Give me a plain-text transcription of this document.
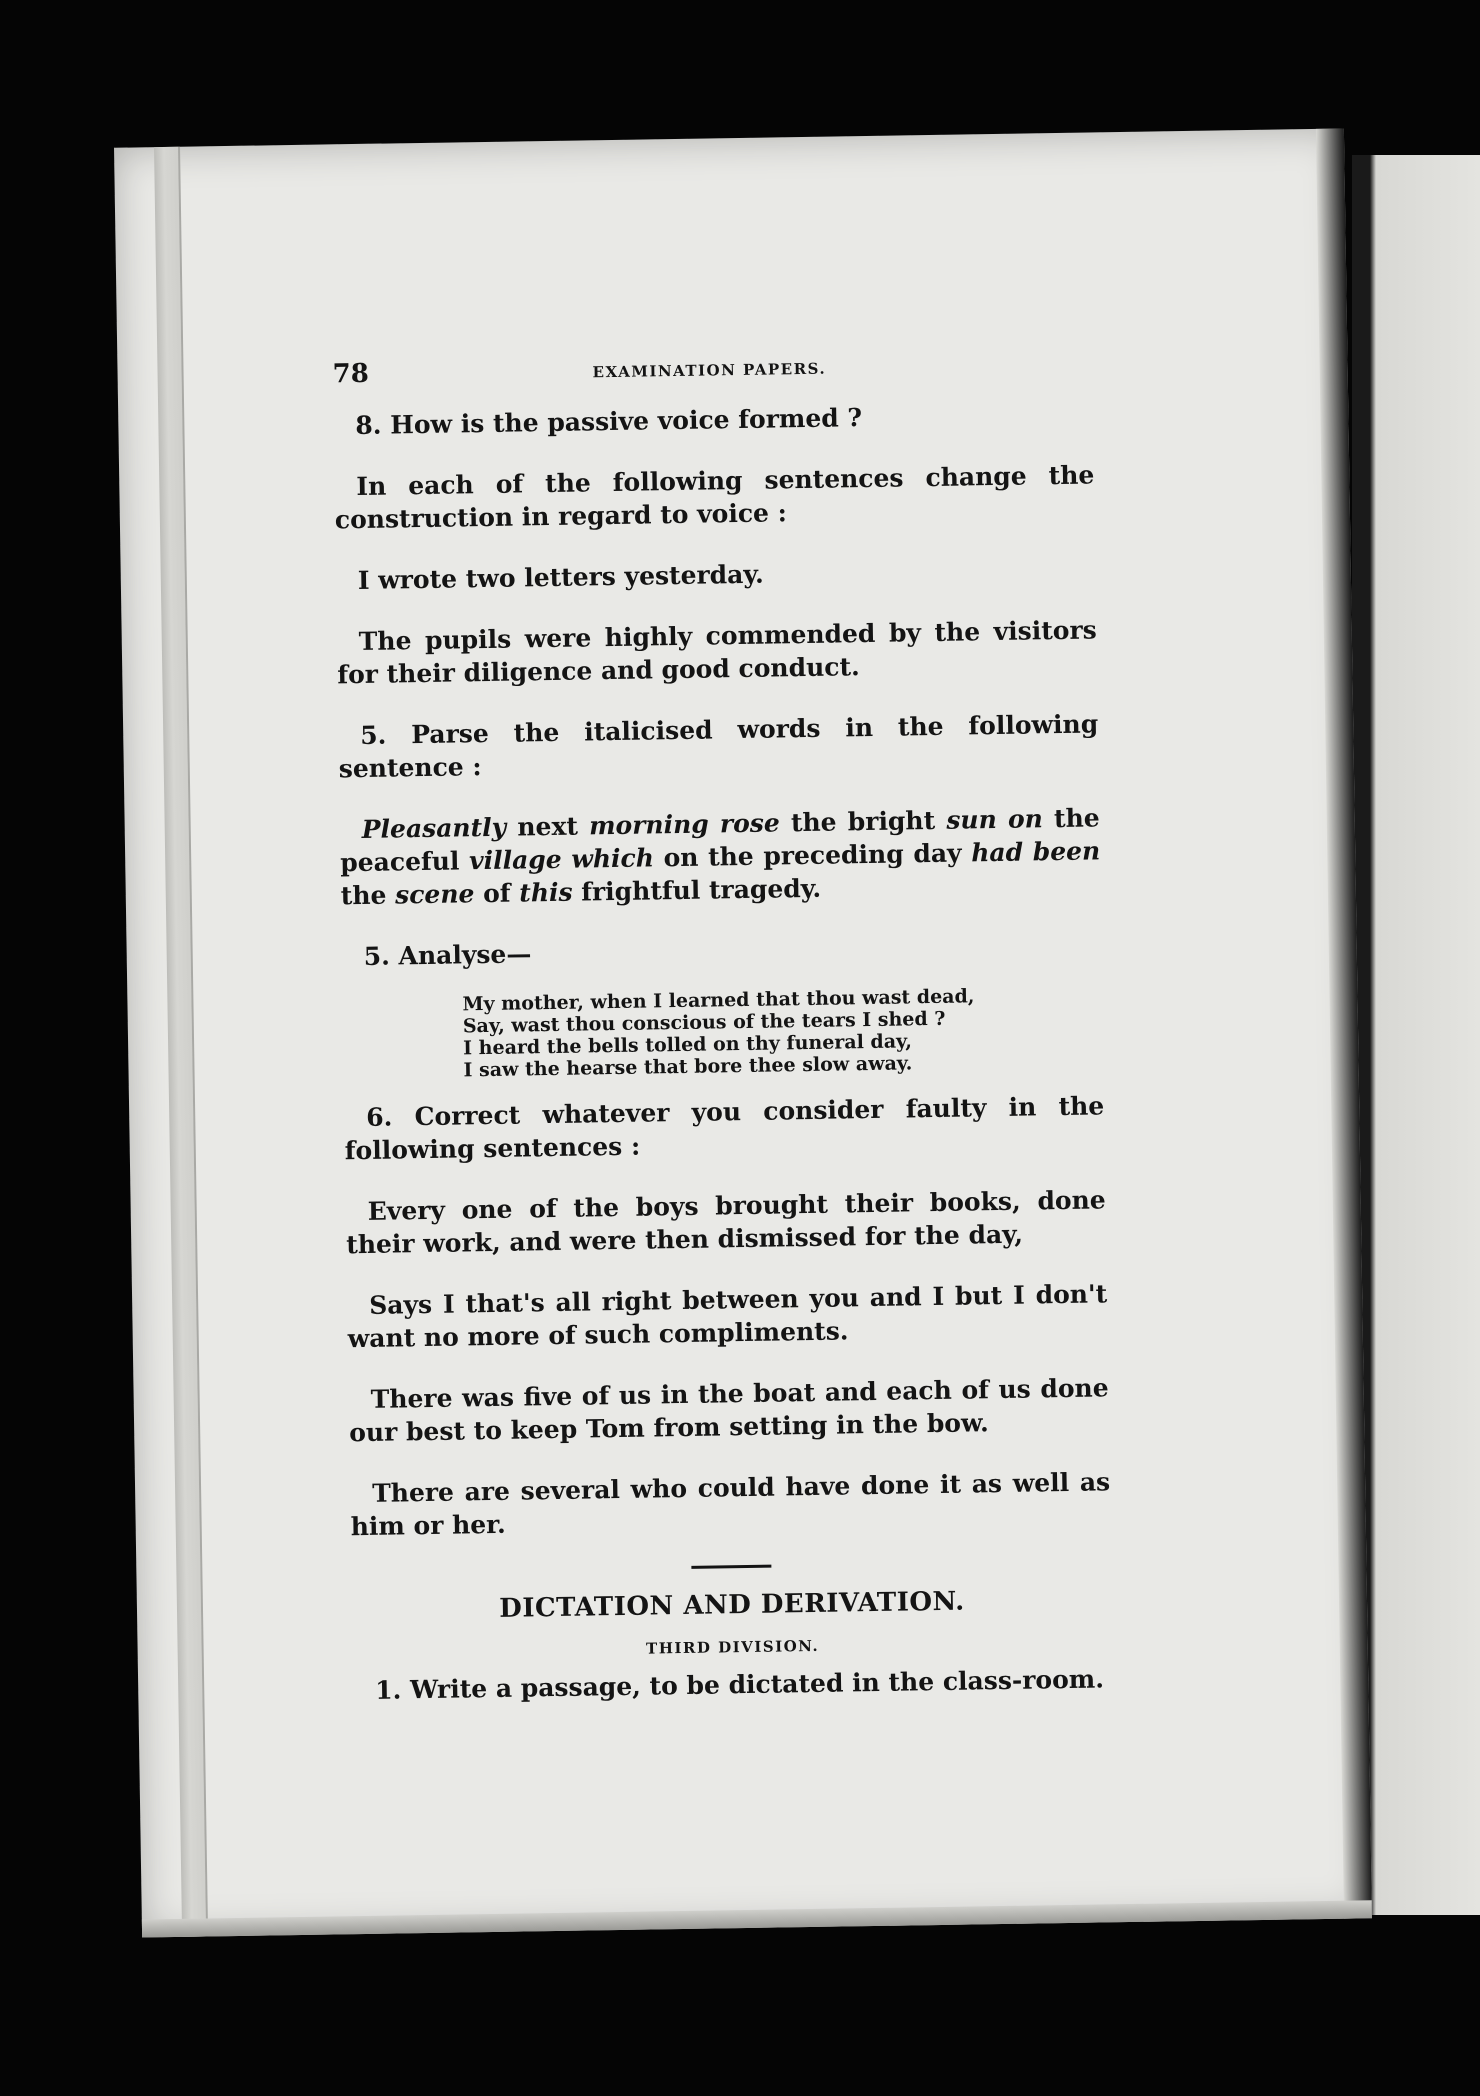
78	EXAMINATION PAPERS.

8. How is the passive voice formed ?

In each of the following sentences change the construction in regard to voice :

I wrote two letters yesterday.

The pupils were highly commended by the visitors for their diligence and good conduct.

5. Parse the italicised words in the following sentence :

Pleasantly next morning rose the bright sun on the peaceful village which on the preceding day had been the scene of this frightful tragedy.

5. Analyse—

My mother, when I learned that thou wast dead,
Say, wast thou conscious of the tears I shed ?
I heard the bells tolled on thy funeral day,
I saw the hearse that bore thee slow away.

6. Correct whatever you consider faulty in the following sentences :

Every one of the boys brought their books, done their work, and were then dismissed for the day,

Says I that's all right between you and I but I don't want no more of such compliments.

There was five of us in the boat and each of us done our best to keep Tom from setting in the bow.

There are several who could have done it as well as him or her.

DICTATION AND DERIVATION.
THIRD DIVISION.

1. Write a passage, to be dictated in the class-room.
